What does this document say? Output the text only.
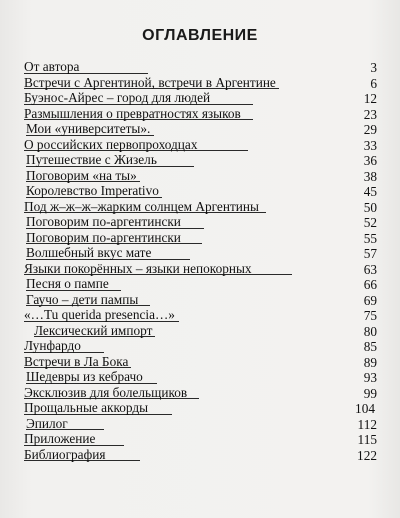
ОГЛАВЛЕНИЕ
От автора	3
Встречи с Аргентиной, встречи в Аргентине	6
Буэнос-Айрес – город для людей	12
Размышления о превратностях языков	23
Мои «университеты».	29
О российских первопроходцах	33
Путешествие с Жизель	36
Поговорим «на ты»	38
Королевство Imperativo	45
Под ж–ж–ж–жарким солнцем Аргентины	50
Поговорим по-аргентински	52
Поговорим по-аргентински	55
Волшебный вкус мате	57
Языки покорённых – языки непокорных	63
Песня о пампе	66
Гаучо – дети пампы	69
«…Tu querida presencia…»	75
Лексический импорт	80
Лунфардо	85
Встречи в Ла Бока	89
Шедевры из кебрачо	93
Эксклюзив для болельщиков	99
Прощальные аккорды	104
Эпилог	112
Приложение	115
Библиография	122
